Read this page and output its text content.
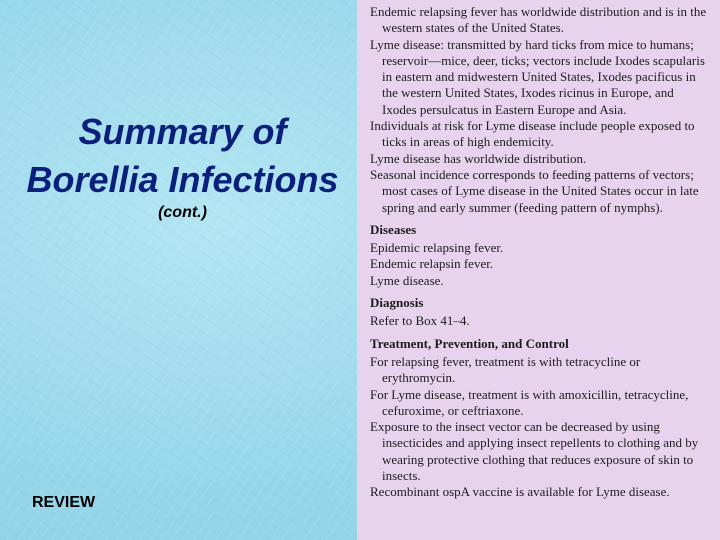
Summary of
Borellia Infections
(cont.)
REVIEW

Endemic relapsing fever has worldwide distribution and is in the western states of the United States.

Lyme disease: transmitted by hard ticks from mice to humans; reservoir—mice, deer, ticks; vectors include Ixodes scapularis in eastern and midwestern United States, Ixodes pacificus in the western United States, Ixodes ricinus in Europe, and Ixodes persulcatus in Eastern Europe and Asia.

Individuals at risk for Lyme disease include people exposed to ticks in areas of high endemicity.

Lyme disease has worldwide distribution.

Seasonal incidence corresponds to feeding patterns of vectors; most cases of Lyme disease in the United States occur in late spring and early summer (feeding pattern of nymphs).

Diseases

Epidemic relapsing fever.

Endemic relapsin fever.

Lyme disease.

Diagnosis

Refer to Box 41–4.

Treatment, Prevention, and Control

For relapsing fever, treatment is with tetracycline or erythromycin.

For Lyme disease, treatment is with amoxicillin, tetracycline, cefuroxime, or ceftriaxone.

Exposure to the insect vector can be decreased by using insecticides and applying insect repellents to clothing and by wearing protective clothing that reduces exposure of skin to insects.

Recombinant ospA vaccine is available for Lyme disease.
